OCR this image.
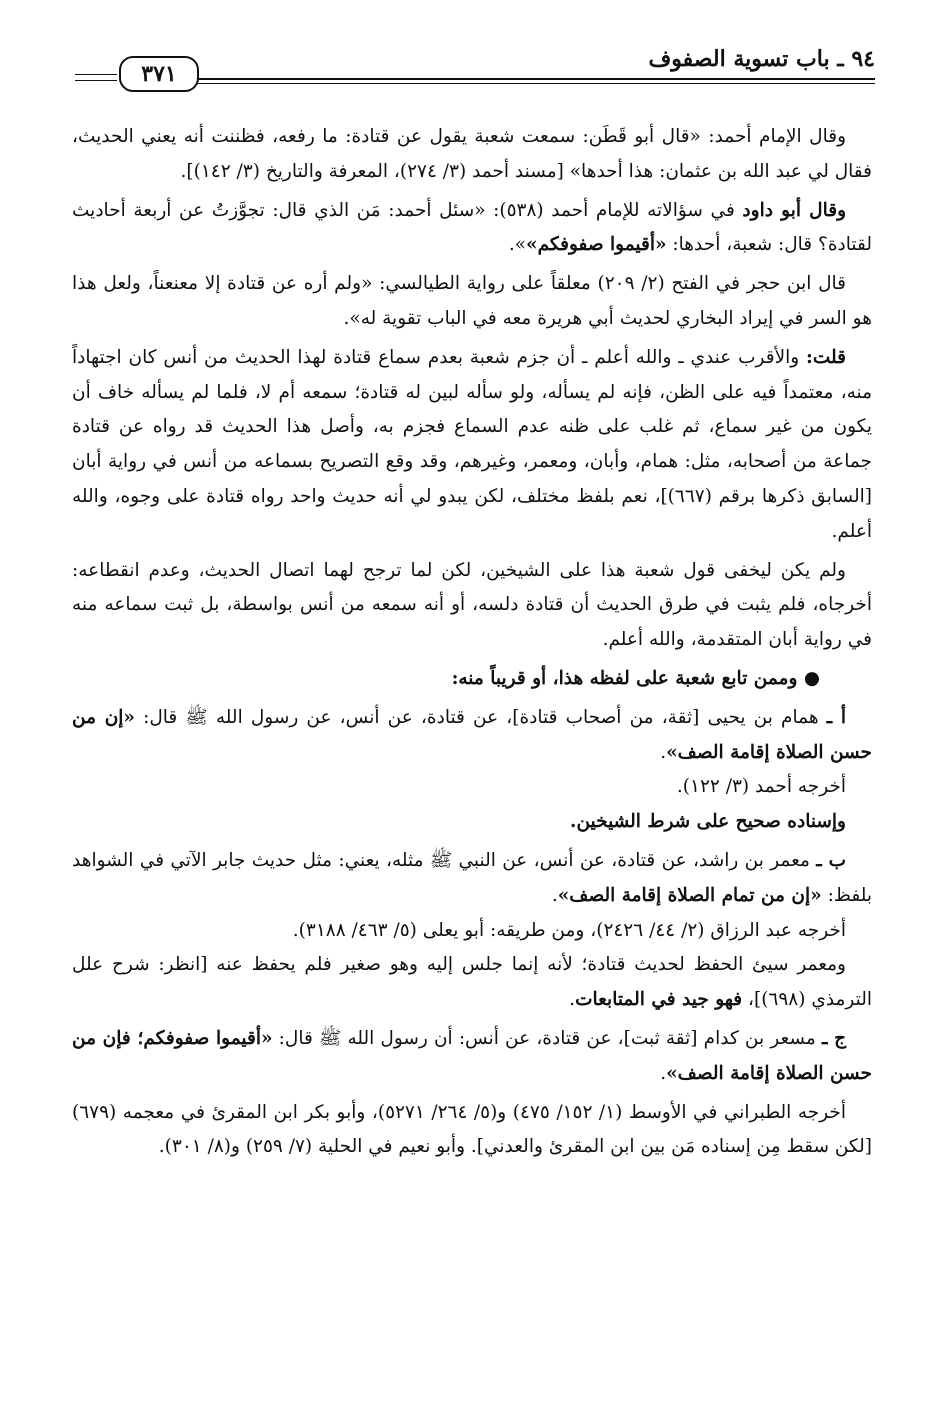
٩٤ ـ باب تسوية الصفوف
٣٧١

وقال الإمام أحمد: «قال أبو قَطَن: سمعت شعبة يقول عن قتادة: ما رفعه، فظننت أنه يعني الحديث، فقال لي عبد الله بن عثمان: هذا أحدها» [مسند أحمد (٣/ ٢٧٤)، المعرفة والتاريخ (٣/ ١٤٢)].

وقال أبو داود في سؤالاته للإمام أحمد (٥٣٨): «سئل أحمد: مَن الذي قال: تجوَّزتُ عن أربعة أحاديث لقتادة؟ قال: شعبة، أحدها: «أقيموا صفوفكم»».

قال ابن حجر في الفتح (٢/ ٢٠٩) معلقاً على رواية الطيالسي: «ولم أره عن قتادة إلا معنعناً، ولعل هذا هو السر في إيراد البخاري لحديث أبي هريرة معه في الباب تقوية له».

قلت: والأقرب عندي ـ والله أعلم ـ أن جزم شعبة بعدم سماع قتادة لهذا الحديث من أنس كان اجتهاداً منه، معتمداً فيه على الظن، فإنه لم يسأله، ولو سأله لبين له قتادة؛ سمعه أم لا، فلما لم يسأله خاف أن يكون من غير سماع، ثم غلب على ظنه عدم السماع فجزم به، وأصل هذا الحديث قد رواه عن قتادة جماعة من أصحابه، مثل: همام، وأبان، ومعمر، وغيرهم، وقد وقع التصريح بسماعه من أنس في رواية أبان [السابق ذكرها برقم (٦٦٧)]، نعم بلفظ مختلف، لكن يبدو لي أنه حديث واحد رواه قتادة على وجوه، والله أعلم.

ولم يكن ليخفى قول شعبة هذا على الشيخين، لكن لما ترجح لهما اتصال الحديث، وعدم انقطاعه: أخرجاه، فلم يثبت في طرق الحديث أن قتادة دلسه، أو أنه سمعه من أنس بواسطة، بل ثبت سماعه منه في رواية أبان المتقدمة، والله أعلم.

● وممن تابع شعبة على لفظه هذا، أو قريباً منه:

أ ـ همام بن يحيى [ثقة، من أصحاب قتادة]، عن قتادة، عن أنس، عن رسول الله ﷺ قال: «إن من حسن الصلاة إقامة الصف».

أخرجه أحمد (٣/ ١٢٢).

وإسناده صحيح على شرط الشيخين.

ب ـ معمر بن راشد، عن قتادة، عن أنس، عن النبي ﷺ مثله، يعني: مثل حديث جابر الآتي في الشواهد بلفظ: «إن من تمام الصلاة إقامة الصف».

أخرجه عبد الرزاق (٢/ ٤٤/ ٢٤٢٦)، ومن طريقه: أبو يعلى (٥/ ٤٦٣/ ٣١٨٨).

ومعمر سيئ الحفظ لحديث قتادة؛ لأنه إنما جلس إليه وهو صغير فلم يحفظ عنه [انظر: شرح علل الترمذي (٦٩٨)]، فهو جيد في المتابعات.

ج ـ مسعر بن كدام [ثقة ثبت]، عن قتادة، عن أنس: أن رسول الله ﷺ قال: «أقيموا صفوفكم؛ فإن من حسن الصلاة إقامة الصف».

أخرجه الطبراني في الأوسط (١/ ١٥٢/ ٤٧٥) و(٥/ ٢٦٤/ ٥٢٧١)، وأبو بكر ابن المقرئ في معجمه (٦٧٩) [لكن سقط مِن إسناده مَن بين ابن المقرئ والعدني]. وأبو نعيم في الحلية (٧/ ٢٥٩) و(٨/ ٣٠١).
